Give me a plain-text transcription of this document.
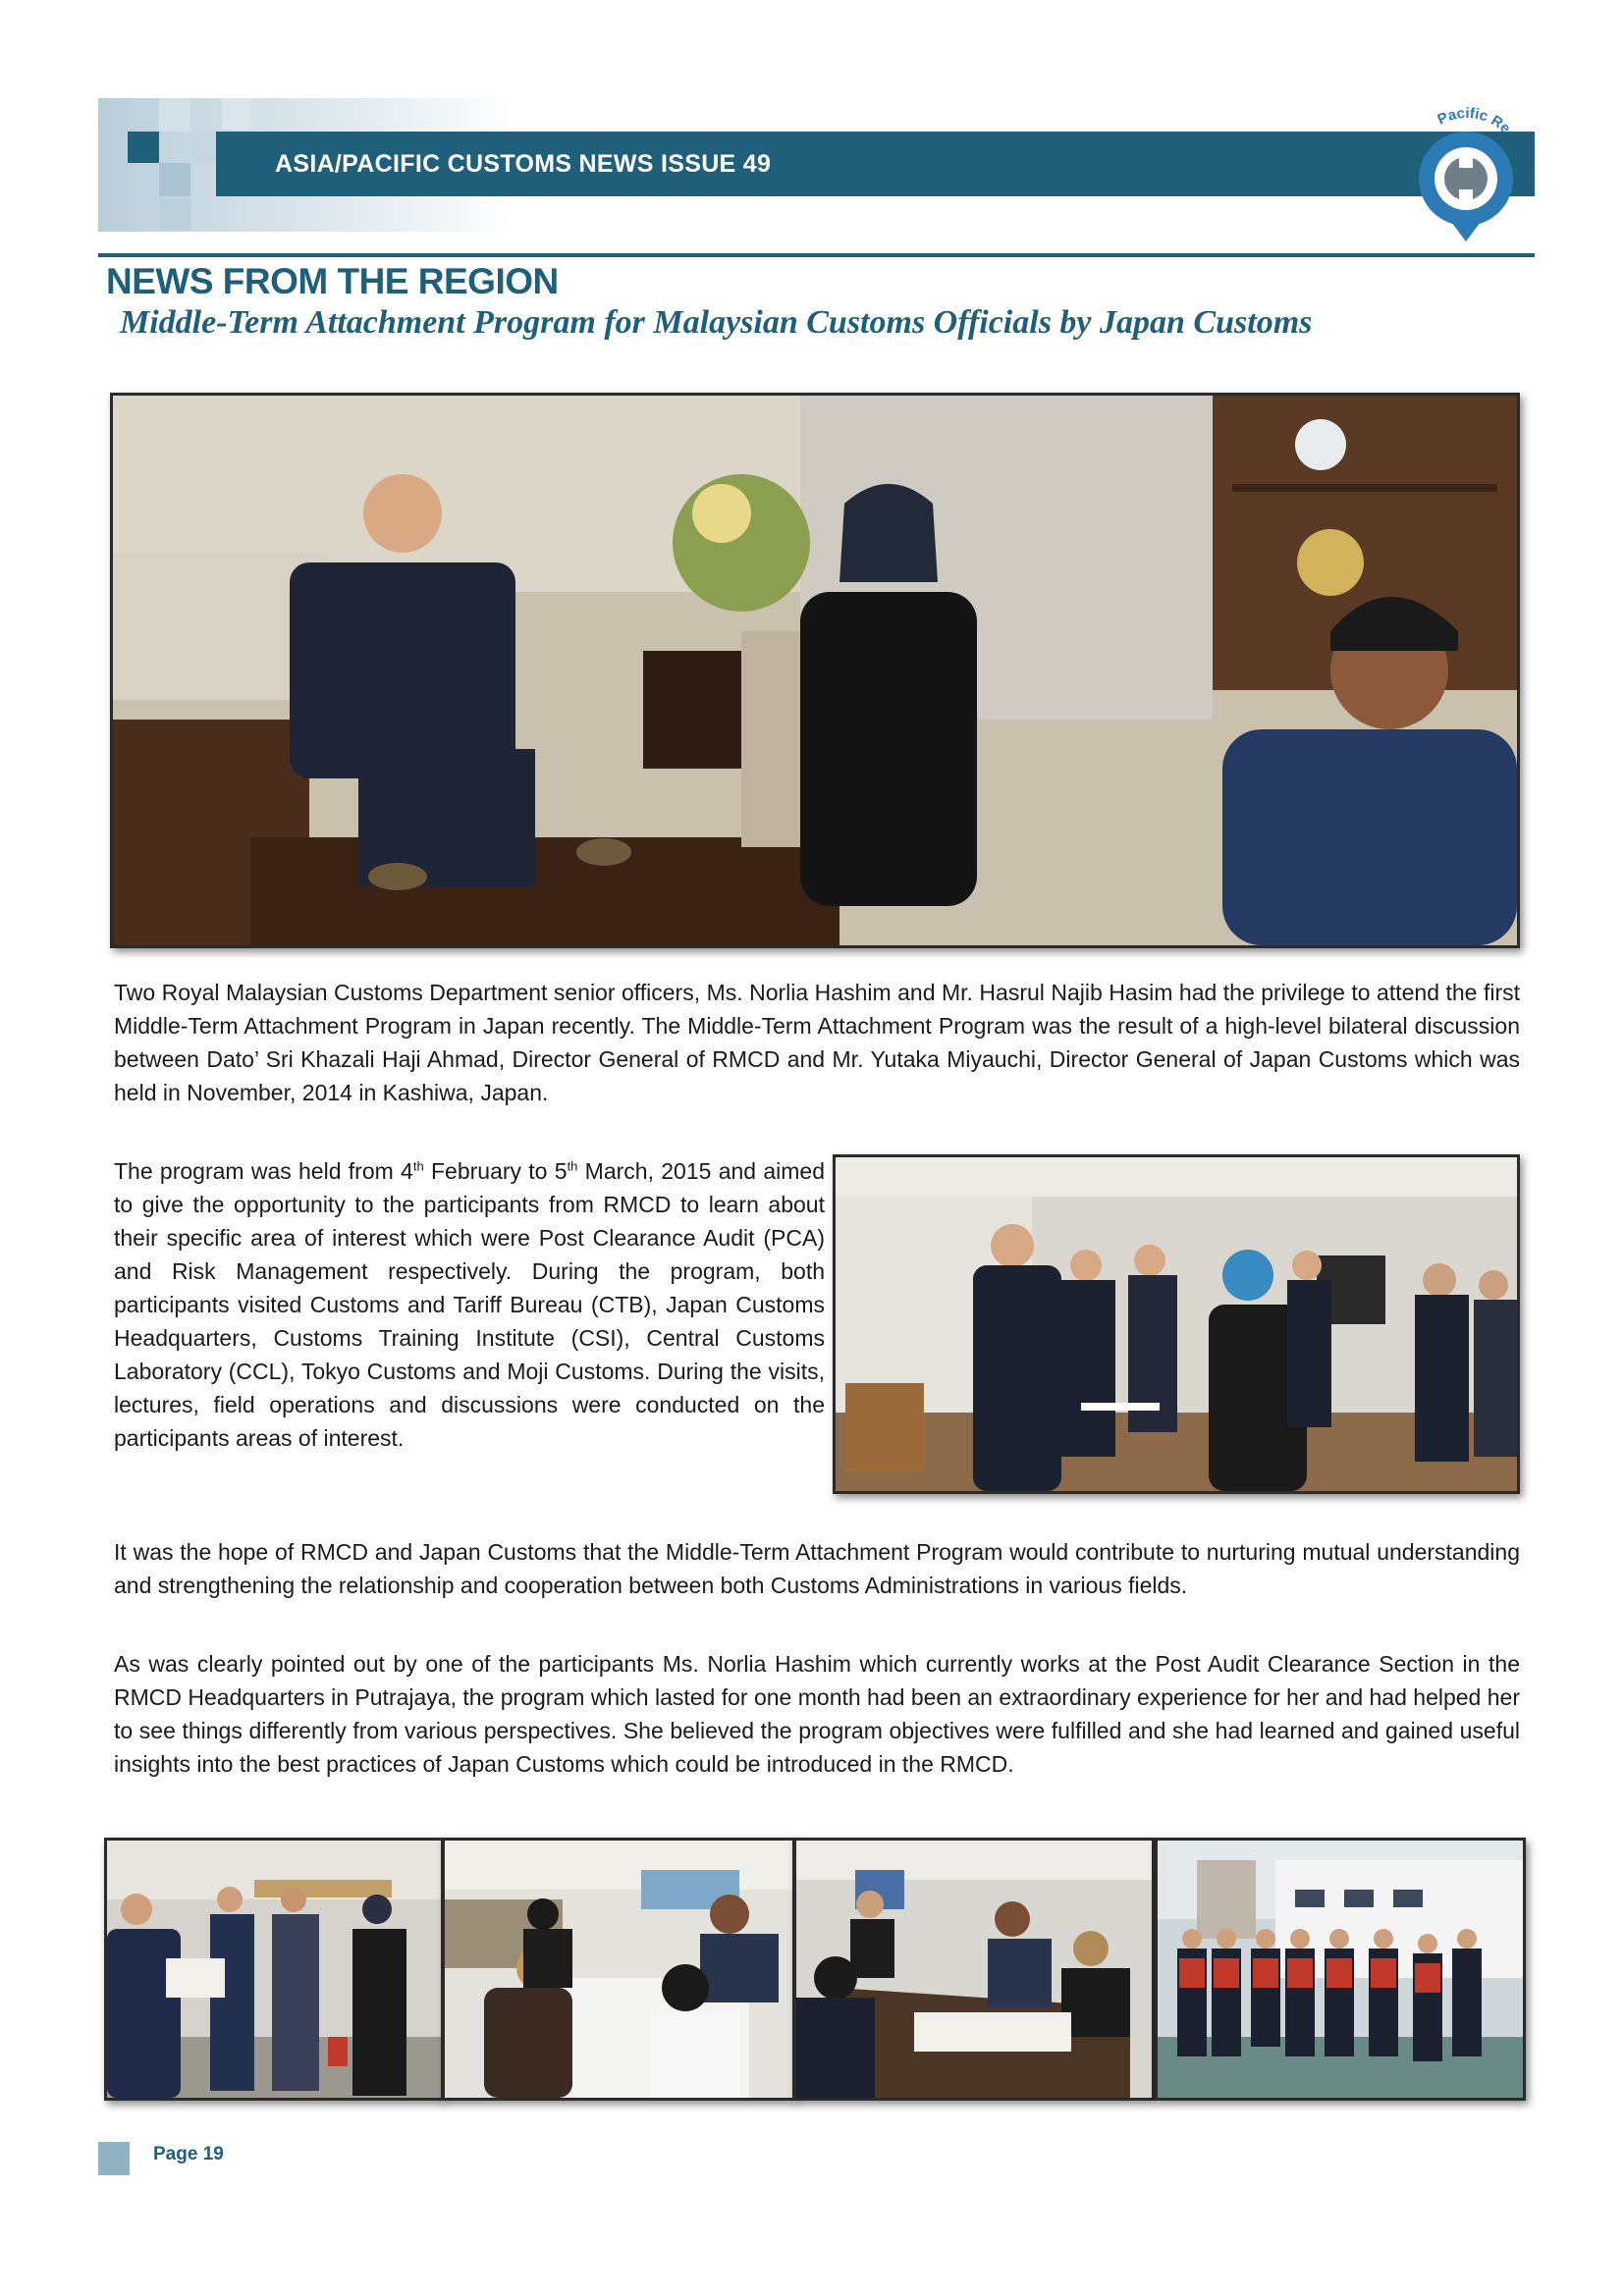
ASIA/PACIFIC CUSTOMS NEWS ISSUE 49
Pacific Re
NEWS FROM THE REGION
Middle-Term Attachment Program for Malaysian Customs Officials by Japan Customs

Two Royal Malaysian Customs Department senior officers, Ms. Norlia Hashim and Mr. Hasrul Najib Hasim had the privilege to attend the first Middle-Term Attachment Program in Japan recently. The Middle-Term Attachment Program was the result of a high-level bilateral discussion between Dato’ Sri Khazali Haji Ahmad, Director General of RMCD and Mr. Yutaka Miyauchi, Director General of Japan Customs which was held in November, 2014 in Kashiwa, Japan.

The program was held from 4th February to 5th March, 2015 and aimed to give the opportunity to the participants from RMCD to learn about their specific area of interest which were Post Clearance Audit (PCA) and Risk Management respectively. During the program, both participants visited Customs and Tariff Bureau (CTB), Japan Customs Headquarters, Customs Training Institute (CSI), Central Customs Laboratory (CCL), Tokyo Customs and Moji Customs. During the visits, lectures, field operations and discussions were conducted on the participants areas of interest.

It was the hope of RMCD and Japan Customs that the Middle-Term Attachment Program would contribute to nurturing mutual understanding and strengthening the relationship and cooperation between both Customs Administrations in various fields.

As was clearly pointed out by one of the participants Ms. Norlia Hashim which currently works at the Post Audit Clearance Section in the RMCD Headquarters in Putrajaya, the program which lasted for one month had been an extraordinary experience for her and had helped her to see things differently from various perspectives. She believed the program objectives were fulfilled and she had learned and gained useful insights into the best practices of Japan Customs which could be introduced in the RMCD.

Page 19
